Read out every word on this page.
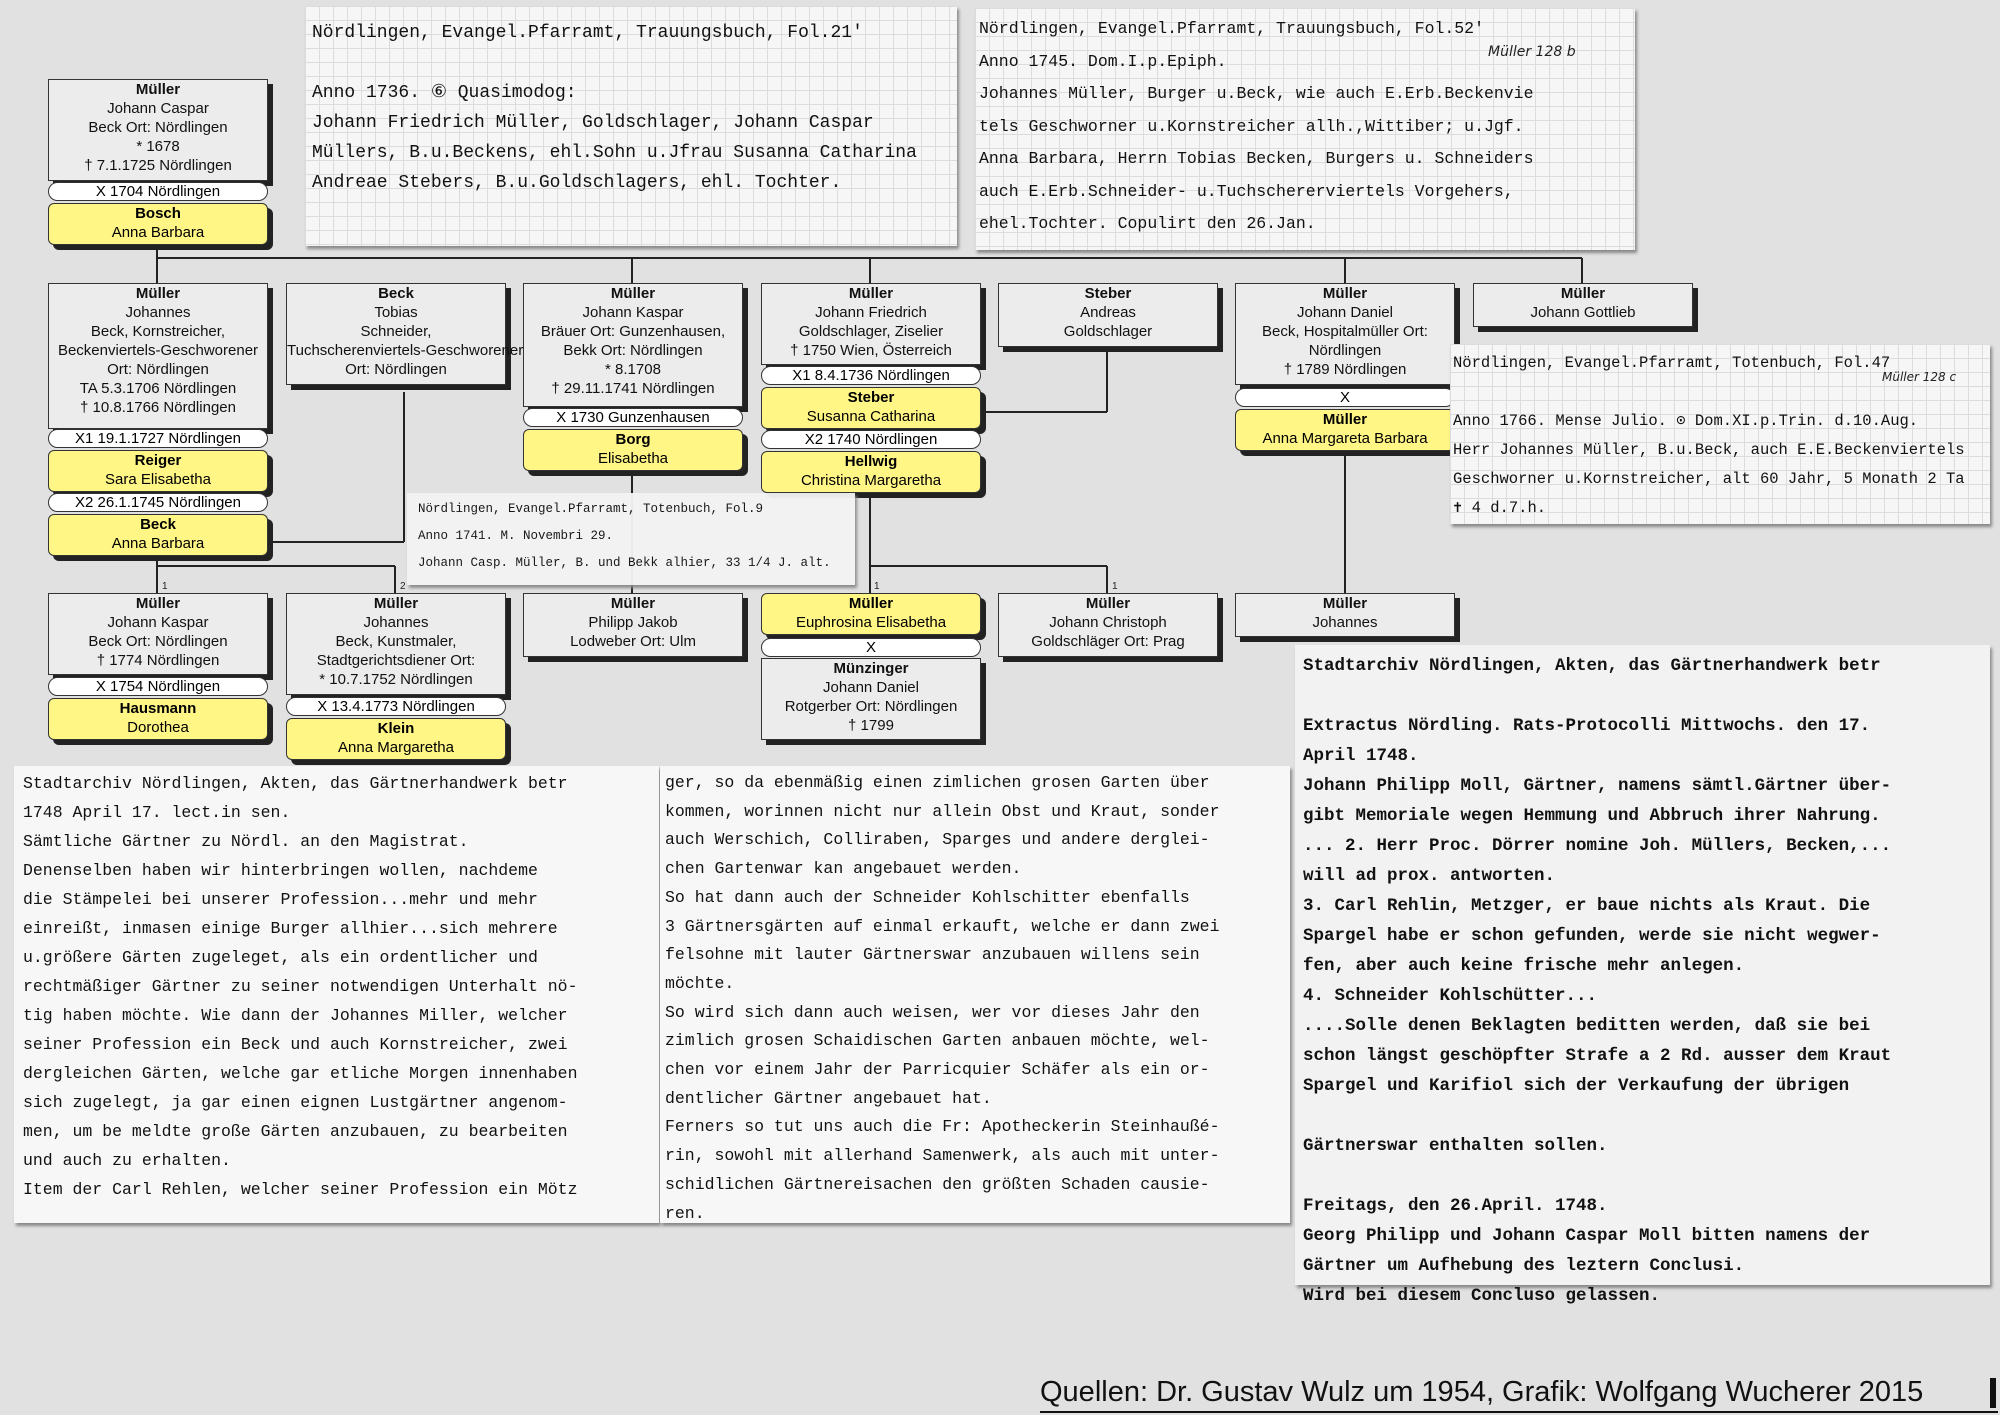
1	2	1	1
Müller
Johann Caspar
Beck Ort: Nördlingen
* 1678
† 7.1.1725 Nördlingen
X 1704 Nördlingen
Bosch
Anna Barbara
Müller
Johannes
Beck, Kornstreicher,
Beckenviertels-Geschworener
Ort: Nördlingen
TA 5.3.1706 Nördlingen
† 10.8.1766 Nördlingen
X1 19.1.1727 Nördlingen
Reiger
Sara Elisabetha
X2 26.1.1745 Nördlingen
Beck
Anna Barbara
Beck
Tobias
Schneider,
Tuchscherenviertels-Geschworener
Ort: Nördlingen
Müller
Johann Kaspar
Bräuer Ort: Gunzenhausen,
Bekk Ort: Nördlingen
* 8.1708
† 29.11.1741 Nördlingen
X 1730 Gunzenhausen
Borg
Elisabetha
Müller
Johann Friedrich
Goldschlager, Ziselier
† 1750 Wien, Österreich
X1 8.4.1736 Nördlingen
Steber
Susanna Catharina
X2 1740 Nördlingen
Hellwig
Christina Margaretha
Steber
Andreas
Goldschlager
Müller
Johann Daniel
Beck, Hospitalmüller Ort:
Nördlingen
† 1789 Nördlingen
X
Müller
Anna Margareta Barbara
Müller
Johann Gottlieb
Müller
Johann Kaspar
Beck Ort: Nördlingen
† 1774 Nördlingen
X 1754 Nördlingen
Hausmann
Dorothea
Müller
Johannes
Beck, Kunstmaler,
Stadtgerichtsdiener Ort:
* 10.7.1752 Nördlingen
X 13.4.1773 Nördlingen
Klein
Anna Margaretha
Müller
Philipp Jakob
Lodweber Ort: Ulm
Müller
Euphrosina Elisabetha
X
Münzinger
Johann Daniel
Rotgerber Ort: Nördlingen
† 1799
Müller
Johann Christoph
Goldschläger Ort: Prag
Müller
Johannes
Nördlingen, Evangel.Pfarramt, Trauungsbuch, Fol.21'

Anno 1736. ⑥ Quasimodog:
Johann Friedrich Müller, Goldschlager, Johann Caspar
Müllers, B.u.Beckens, ehl.Sohn u.Jfrau Susanna Catharina
Andreae Stebers, B.u.Goldschlagers, ehl. Tochter.
Nördlingen, Evangel.Pfarramt, Trauungsbuch, Fol.52'
Anno 1745. Dom.I.p.Epiph.
Johannes Müller, Burger u.Beck, wie auch E.Erb.Beckenvie
tels Geschworner u.Kornstreicher allh.,Wittiber; u.Jgf.
Anna Barbara, Herrn Tobias Becken, Burgers u. Schneiders
auch E.Erb.Schneider- u.Tuchschererviertels Vorgehers,
ehel.Tochter. Copulirt den 26.Jan.
Müller 128 b
Nördlingen, Evangel.Pfarramt, Totenbuch, Fol.47

Anno 1766. Mense Julio. ⊙ Dom.XI.p.Trin. d.10.Aug.
Herr Johannes Müller, B.u.Beck, auch E.E.Beckenviertels
Geschworner u.Kornstreicher, alt 60 Jahr, 5 Monath 2 Ta
✝ 4 d.7.h.
Müller 128 c
Nördlingen, Evangel.Pfarramt, Totenbuch, Fol.9
Anno 1741. M. Novembri 29.
Johann Casp. Müller, B. und Bekk alhier, 33 1/4 J. alt.
Stadtarchiv Nördlingen, Akten, das Gärtnerhandwerk betr
1748 April 17. lect.in sen.
Sämtliche Gärtner zu Nördl. an den Magistrat.
Denenselben haben wir hinterbringen wollen, nachdeme
die Stämpelei bei unserer Profession...mehr und mehr
einreißt, inmasen einige Burger allhier...sich mehrere
u.größere Gärten zugeleget, als ein ordentlicher und
rechtmäßiger Gärtner zu seiner notwendigen Unterhalt nö-
tig haben möchte. Wie dann der Johannes Miller, welcher
seiner Profession ein Beck und auch Kornstreicher, zwei
dergleichen Gärten, welche gar etliche Morgen innenhaben
sich zugelegt, ja gar einen eignen Lustgärtner angenom-
men, um be meldte große Gärten anzubauen, zu bearbeiten
und auch zu erhalten.
Item der Carl Rehlen, welcher seiner Profession ein Mötz
ger, so da ebenmäßig einen zimlichen grosen Garten über
kommen, worinnen nicht nur allein Obst und Kraut, sonder
auch Werschich, Colliraben, Sparges und andere derglei-
chen Gartenwar kan angebauet werden.
So hat dann auch der Schneider Kohlschitter ebenfalls
3 Gärtnersgärten auf einmal erkauft, welche er dann zwei
felsohne mit lauter Gärtnerswar anzubauen willens sein
möchte.
So wird sich dann auch weisen, wer vor dieses Jahr den
zimlich grosen Schaidischen Garten anbauen möchte, wel-
chen vor einem Jahr der Parricquier Schäfer als ein or-
dentlicher Gärtner angebauet hat.
Ferners so tut uns auch die Fr: Apotheckerin Steinhaußé-
rin, sowohl mit allerhand Samenwerk, als auch mit unter-
schidlichen Gärtnereisachen den größten Schaden causie-
ren.
Stadtarchiv Nördlingen, Akten, das Gärtnerhandwerk betr

Extractus Nördling. Rats-Protocolli Mittwochs. den 17.
April 1748.
Johann Philipp Moll, Gärtner, namens sämtl.Gärtner über-
gibt Memoriale wegen Hemmung und Abbruch ihrer Nahrung.
... 2. Herr Proc. Dörrer nomine Joh. Müllers, Becken,...
will ad prox. antworten.
3. Carl Rehlin, Metzger, er baue nichts als Kraut. Die
Spargel habe er schon gefunden, werde sie nicht wegwer-
fen, aber auch keine frische mehr anlegen.
4. Schneider Kohlschütter...
....Solle denen Beklagten beditten werden, daß sie bei
schon längst geschöpfter Strafe a 2 Rd. ausser dem Kraut
Spargel und Karifiol sich der Verkaufung der übrigen

Gärtnerswar enthalten sollen.

Freitags, den 26.April. 1748.
Georg Philipp und Johann Caspar Moll bitten namens der
Gärtner um Aufhebung des leztern Conclusi.
Wird bei diesem Concluso gelassen.
Quellen: Dr. Gustav Wulz um 1954, Grafik: Wolfgang Wucherer 2015
